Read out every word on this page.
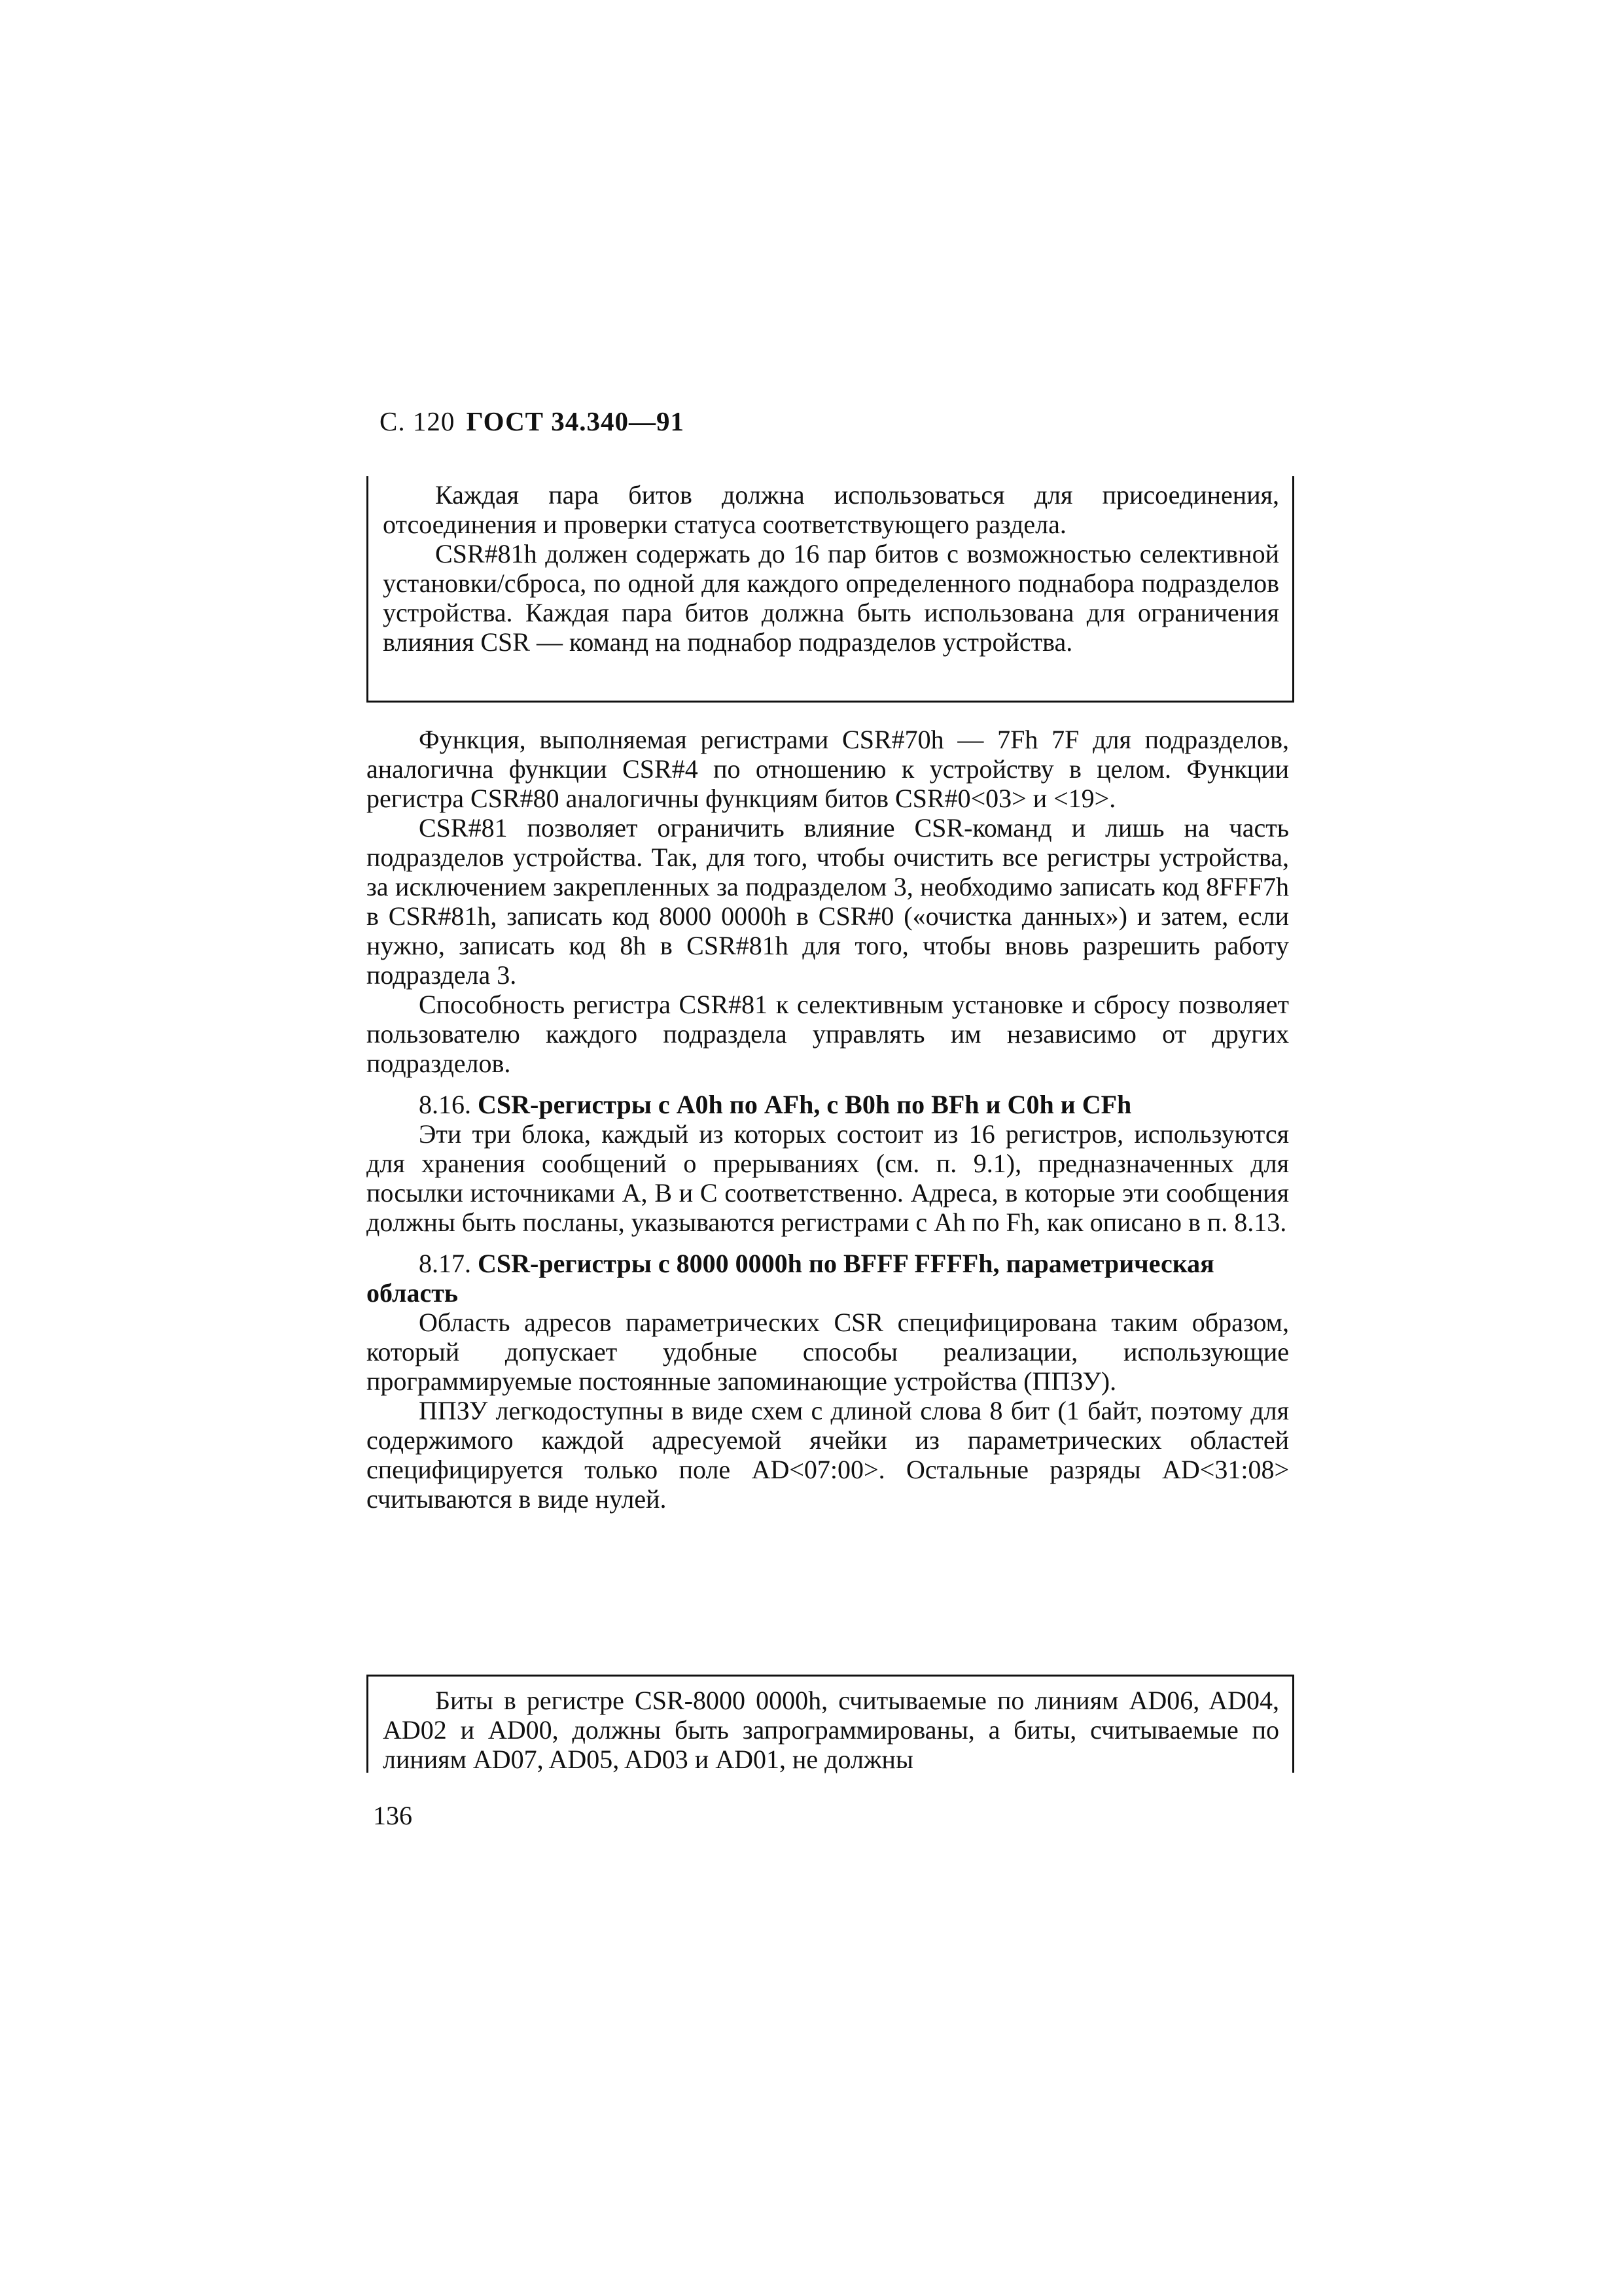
С. 120 ГОСТ 34.340—91

Каждая пара битов должна использоваться для присоединения, отсоединения и проверки статуса соответствующего раздела.

CSR#81h должен содержать до 16 пар битов с возможностью селективной установки/сброса, по одной для каждого определенного поднабора подразделов устройства. Каждая пара битов должна быть использована для ограничения влияния CSR — команд на поднабор подразделов устройства.

Функция, выполняемая регистрами CSR#70h — 7Fh 7F для подразделов, аналогична функции CSR#4 по отношению к устройству в целом. Функции регистра CSR#80 аналогичны функциям битов CSR#0<03> и <19>.

CSR#81 позволяет ограничить влияние CSR-команд и лишь на часть подразделов устройства. Так, для того, чтобы очистить все регистры устройства, за исключением закрепленных за подразделом 3, необходимо записать код 8FFF7h в CSR#81h, записать код 8000 0000h в CSR#0 («очистка данных») и затем, если нужно, записать код 8h в CSR#81h для того, чтобы вновь разрешить работу подраздела 3.

Способность регистра CSR#81 к селективным установке и сбросу позволяет пользователю каждого подраздела управлять им независимо от других подразделов.

8.16. CSR-регистры с A0h по AFh, с B0h по BFh и C0h и CFh

Эти три блока, каждый из которых состоит из 16 регистров, используются для хранения сообщений о прерываниях (см. п. 9.1), предназначенных для посылки источниками A, B и C соответственно. Адреса, в которые эти сообщения должны быть посланы, указываются регистрами с Ah по Fh, как описано в п. 8.13.

8.17. CSR-регистры с 8000 0000h по BFFF FFFFh, параметрическая область

Область адресов параметрических CSR специфицирована таким образом, который допускает удобные способы реализации, использующие программируемые постоянные запоминающие устройства (ППЗУ).

ППЗУ легкодоступны в виде схем с длиной слова 8 бит (1 байт, поэтому для содержимого каждой адресуемой ячейки из параметрических областей специфицируется только поле AD<07:00>. Остальные разряды AD<31:08> считываются в виде нулей.

Биты в регистре CSR-8000 0000h, считываемые по линиям AD06, AD04, AD02 и AD00, должны быть запрограммированы, а биты, считываемые по линиям AD07, AD05, AD03 и AD01, не должны

136
